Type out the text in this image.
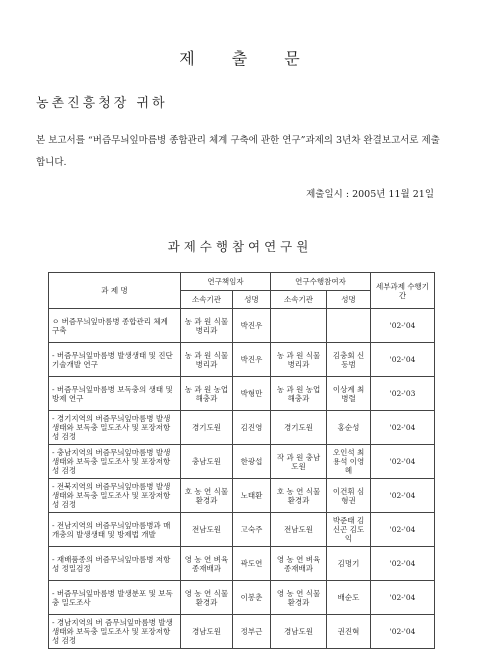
제 출 문
농촌진흥청장 귀하
본 보고서를 “버즘무늬잎마름병 종합관리 체계 구축에 관한 연구”과제의 3년차 완결보고서로 제출합니다.
제출일시 : 2005년 11월 21일
과제수행참여연구원
과 제 명	연구책임자		연구수행참여자		세부과제 수행기간
	소속기관	성명	소속기관	성명	
ㅇ 버즘무늬잎마름병 종합관리 체계 구축	농 과 원 식물병리과	박진우			'02-'04
- 버즘무늬잎마름병 발생생태 및 진단기술개발 연구	농 과 원 식물병리과	박진우	농 과 원 식물병리과	김충회 신동범	'02-'04
- 버즘무늬잎마름병 보독충의 생태 및 방제 연구	농 과 원 농업해충과	박형만	농 과 원 농업해충과	이상계 최병렬	'02-'03
- 경기지역의 버즘무늬잎마름병 발생생태와 보독충 밀도조사 및 포장저항성 검정	경기도원	김진영	경기도원	홍순성	'02-'04
- 충남지역의 버즘무늬잎마름병 발생생태와 보독충 밀도조사 및 포장저항성 검정	충남도원	한광섭	작 과 원 충남도원	오인석 최용석 이영혜	'02-'04
- 전북지역의 버즘무늬잎마름병 발생생태와 보독충 밀도조사 및 포장저항성 검정	호 농 연 식물환경과	노태환	호 농 연 식물환경과	이건휘 심형권	'02-'04
- 전남지역의 버즘무늬잎마름병과 매개충의 발생생태 및 방제법 개발	전남도원	고숙주	전남도원	박준태 김신곤 김도익	'02-'04
- 재배품종의 버즘무늬잎마름병 저항성 정밀검정	영 농 연 벼육종재배과	곽도연	영 농 연 벼육종재배과	김명기	'02-'04
- 버즘무늬잎마름병 발생분포 및 보독충 밀도조사	영 농 연 식물환경과	이봉춘	영 농 연 식물환경과	배순도	'02-'04
- 경남지역의 버 즘무늬잎마름병 발생생태와 보독충 밀도조사 및 포장저항성 검정	경남도원	정부근	경남도원	권진혁	'02-'04
